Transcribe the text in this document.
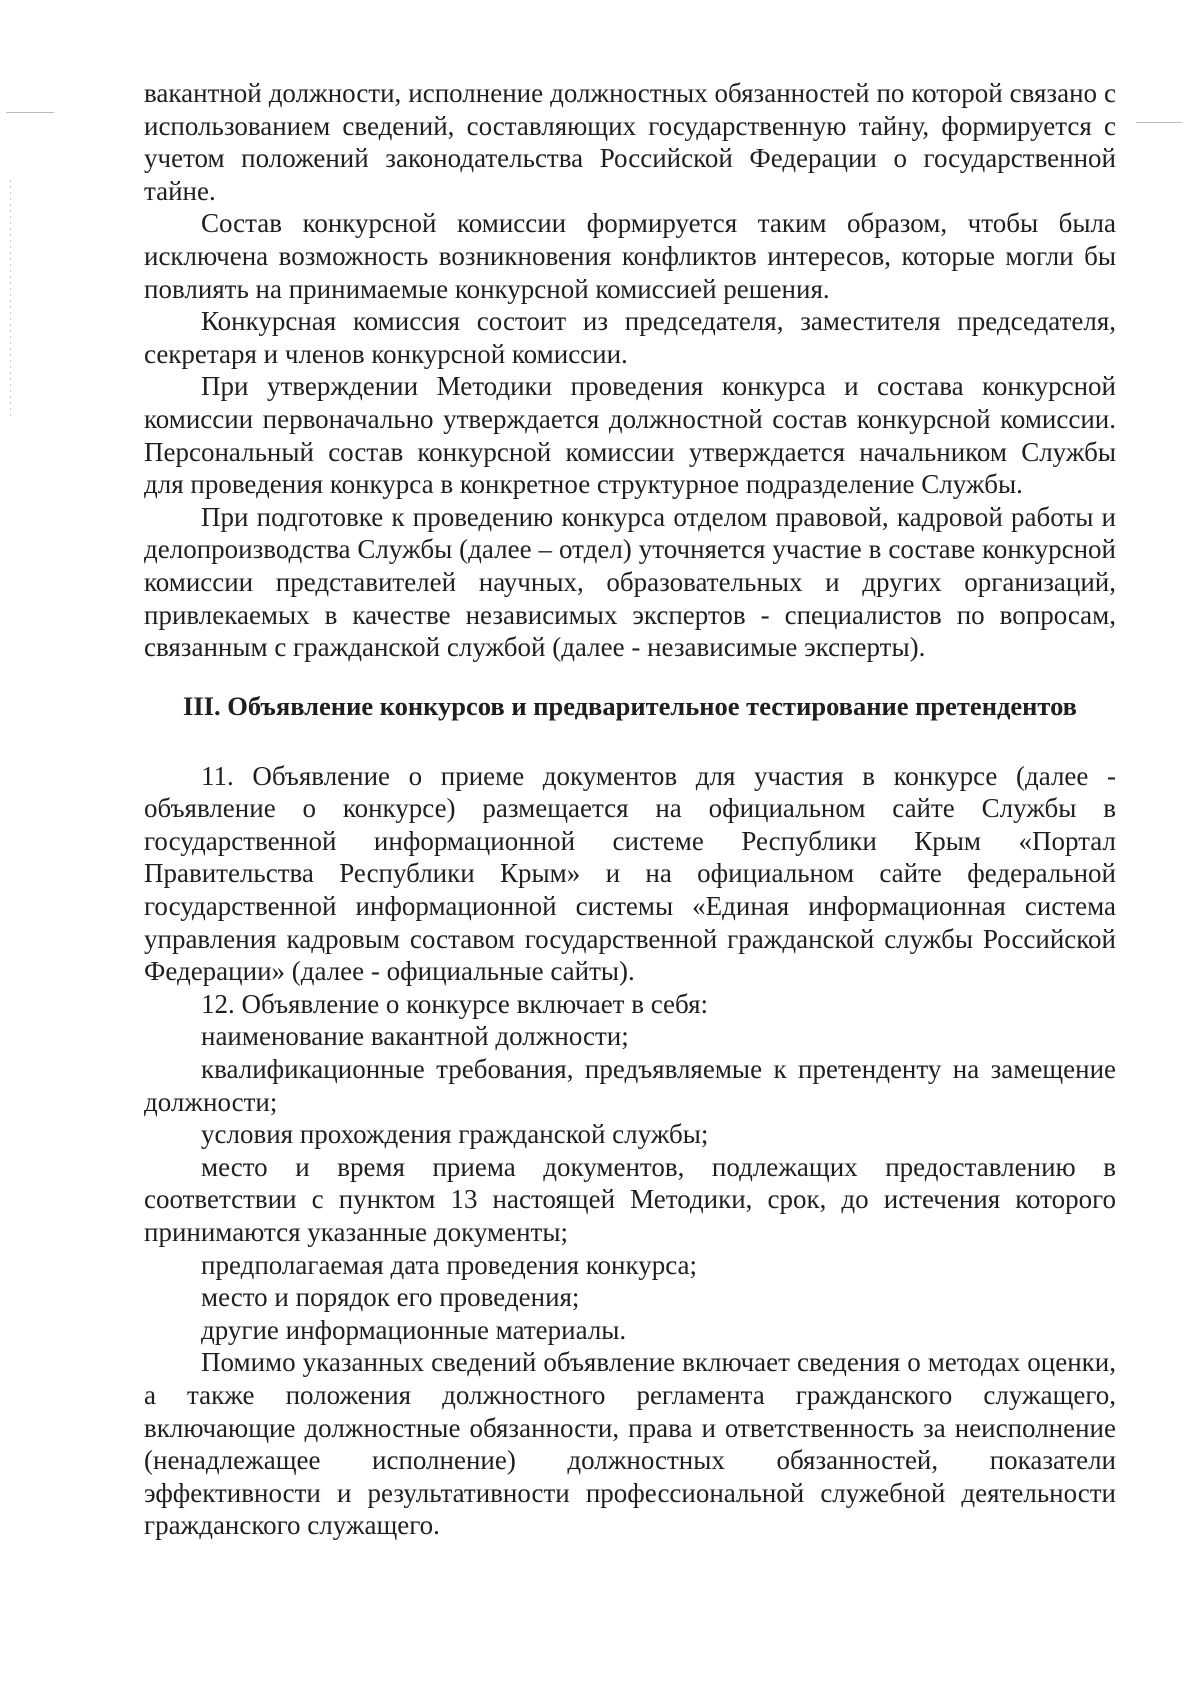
вакантной должности, исполнение должностных обязанностей по которой связано с использованием сведений, составляющих государственную тайну, формируется с учетом положений законодательства Российской Федерации о государственной тайне.

Состав конкурсной комиссии формируется таким образом, чтобы была исключена возможность возникновения конфликтов интересов, которые могли бы повлиять на принимаемые конкурсной комиссией решения.

Конкурсная комиссия состоит из председателя, заместителя председателя, секретаря и членов конкурсной комиссии.

При утверждении Методики проведения конкурса и состава конкурсной комиссии первоначально утверждается должностной состав конкурсной комиссии. Персональный состав конкурсной комиссии утверждается начальником Службы для проведения конкурса в конкретное структурное подразделение Службы.

При подготовке к проведению конкурса отделом правовой, кадровой работы и делопроизводства Службы (далее – отдел) уточняется участие в составе конкурсной комиссии представителей научных, образовательных и других организаций, привлекаемых в качестве независимых экспертов - специалистов по вопросам, связанным с гражданской службой (далее - независимые эксперты).

III. Объявление конкурсов и предварительное тестирование претендентов

11. Объявление о приеме документов для участия в конкурсе (далее - объявление о конкурсе) размещается на официальном сайте Службы в государственной информационной системе Республики Крым «Портал Правительства Республики Крым» и на официальном сайте федеральной государственной информационной системы «Единая информационная система управления кадровым составом государственной гражданской службы Российской Федерации» (далее - официальные сайты).

12. Объявление о конкурсе включает в себя:

наименование вакантной должности;

квалификационные требования, предъявляемые к претенденту на замещение должности;

условия прохождения гражданской службы;

место и время приема документов, подлежащих предоставлению в соответствии с пунктом 13 настоящей Методики, срок, до истечения которого принимаются указанные документы;

предполагаемая дата проведения конкурса;

место и порядок его проведения;

другие информационные материалы.

Помимо указанных сведений объявление включает сведения о методах оценки, а также положения должностного регламента гражданского служащего, включающие должностные обязанности, права и ответственность за неисполнение (ненадлежащее исполнение) должностных обязанностей, показатели эффективности и результативности профессиональной служебной деятельности гражданского служащего.
